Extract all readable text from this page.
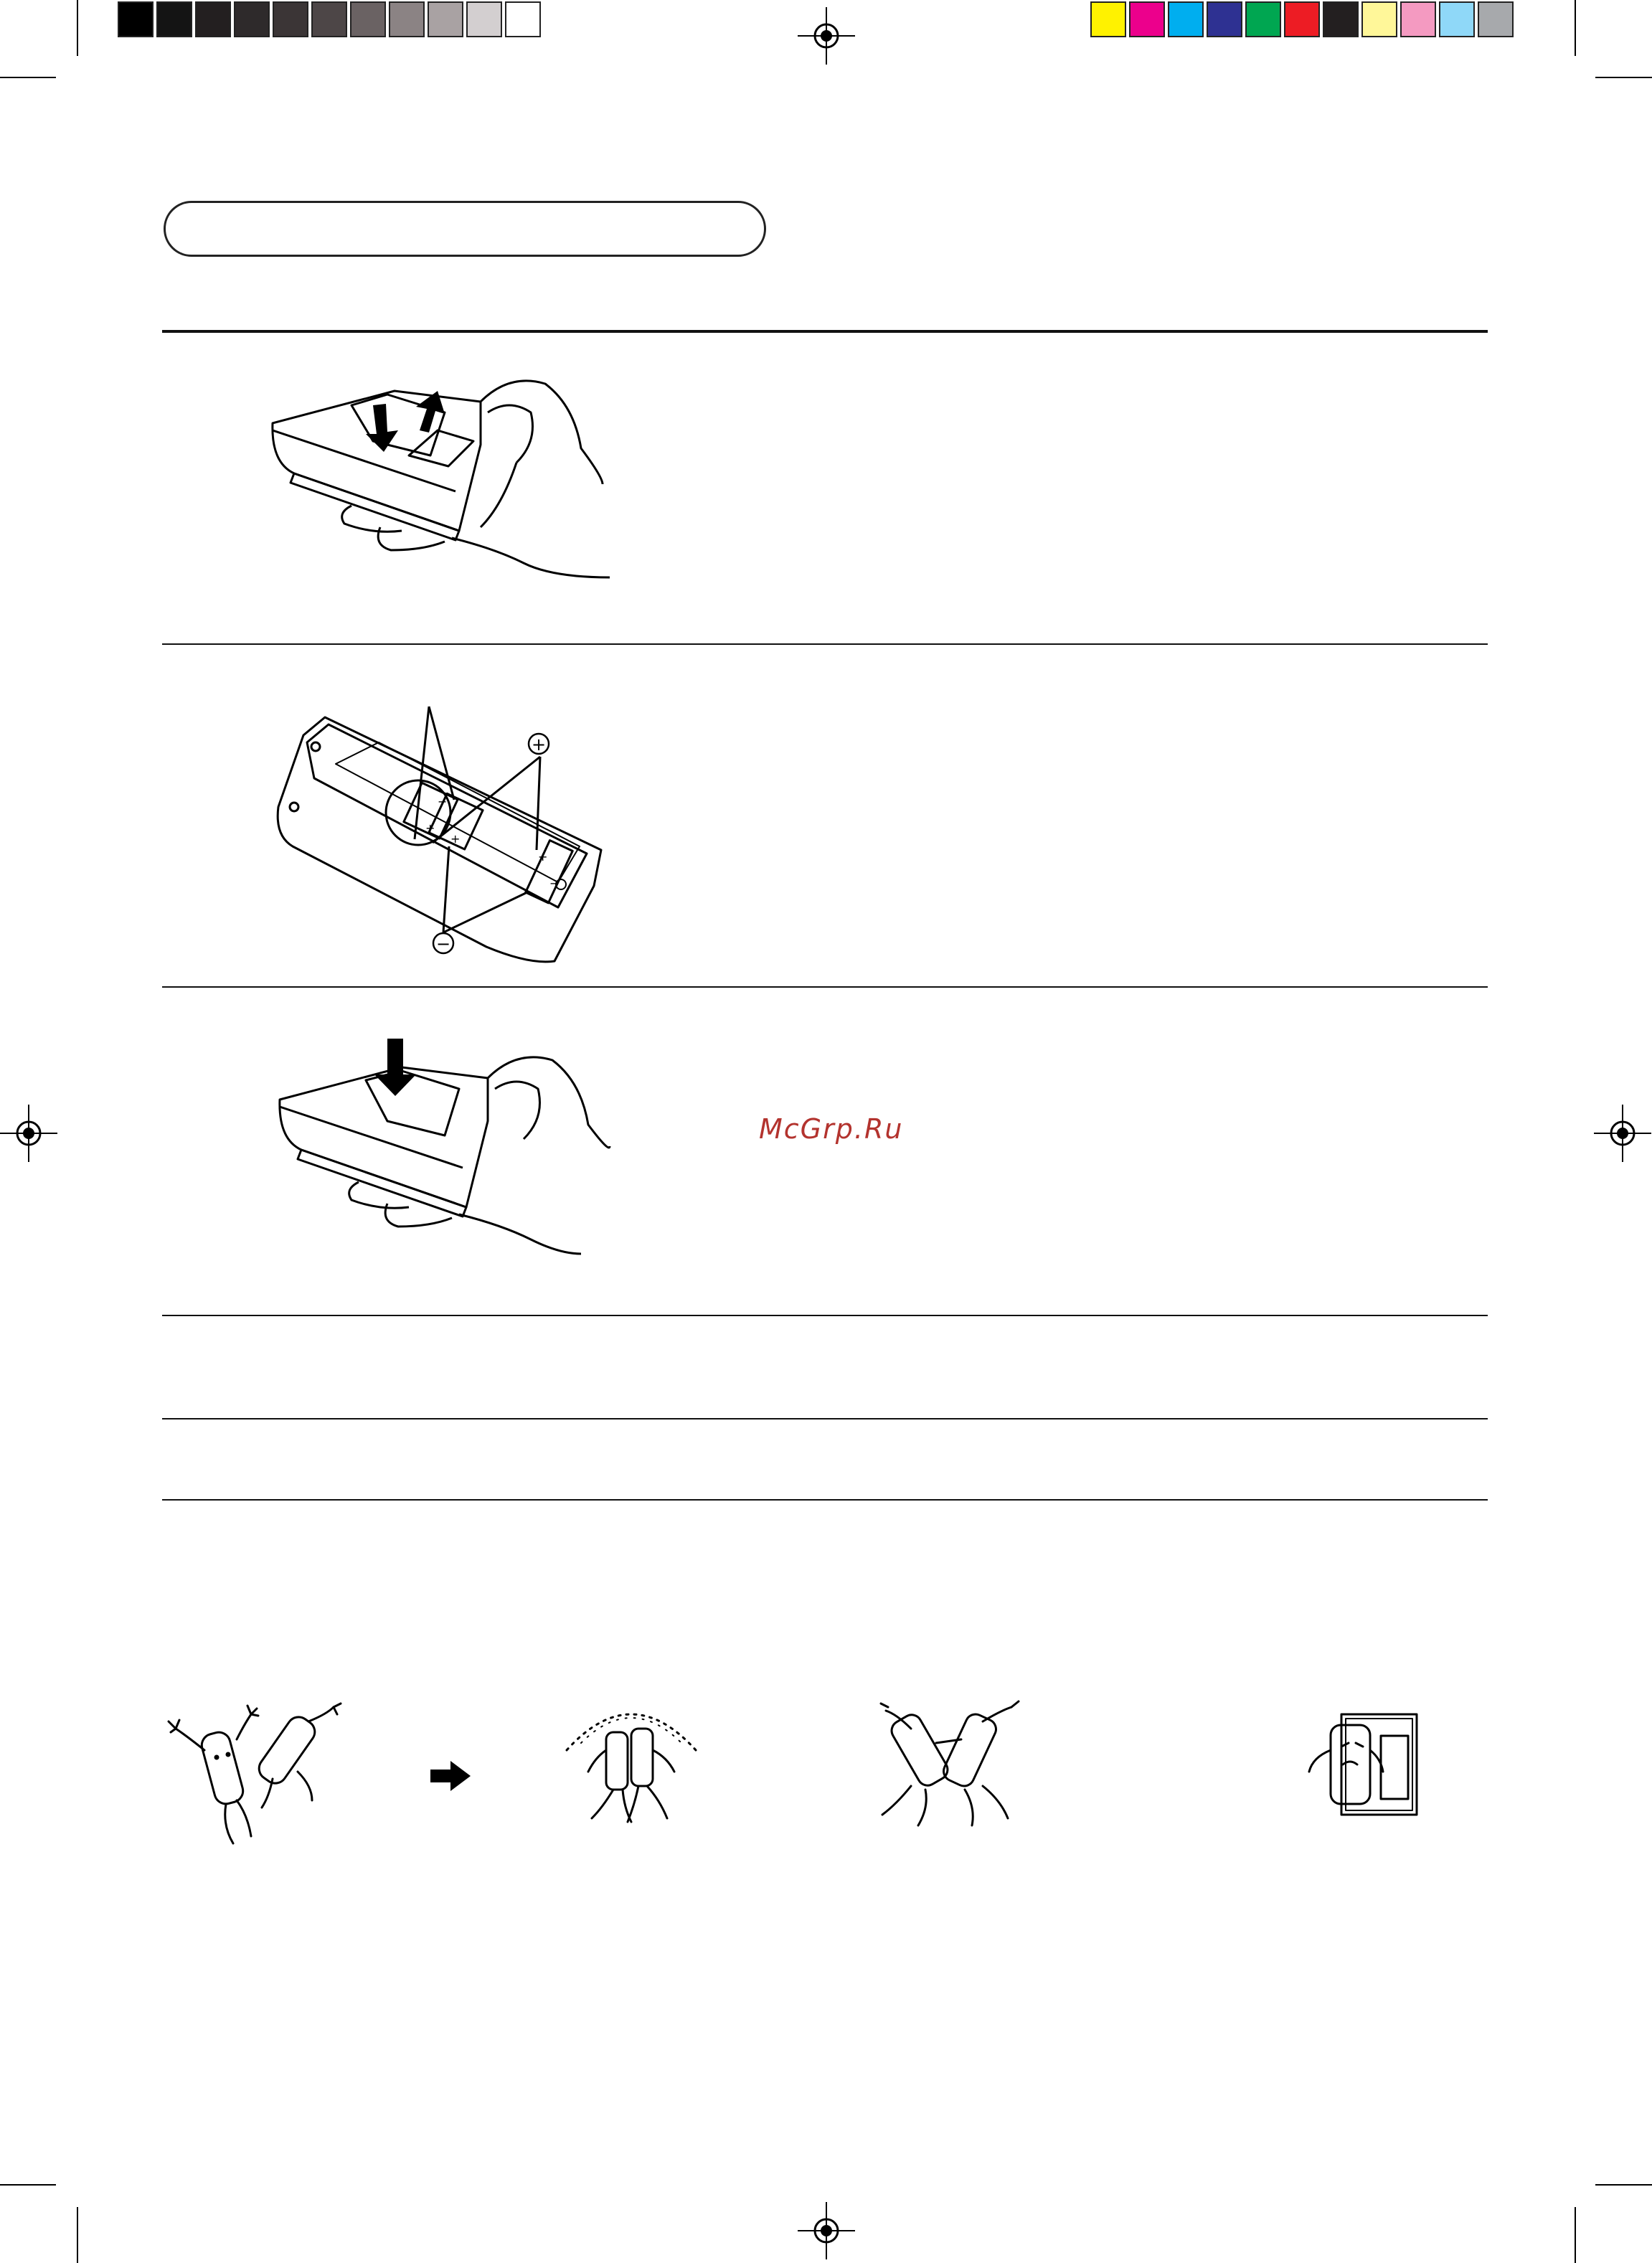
+
−
+
+
+
−
−
McGrp.Ru
